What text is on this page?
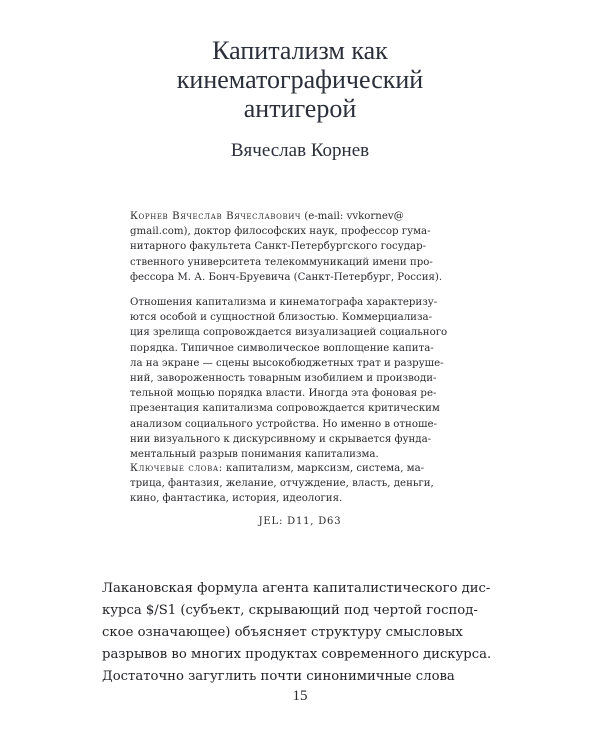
Капитализм как
кинематографический
антигерой
Вячеслав Корнев
Корнев Вячеслав Вячеславович (e-mail: vvkornev@
gmail.com), доктор философских наук, профессор гума-
нитарного факультета Санкт-Петербургского государ-
ственного университета телекоммуникаций имени про-
фессора М. А. Бонч-Бруевича (Санкт-Петербург, Россия).
Отношения капитализма и кинематографа характеризу-
ются особой и сущностной близостью. Коммерциализа-
ция зрелища сопровождается визуализацией социального
порядка. Типичное символическое воплощение капита-
ла на экране — сцены высокобюджетных трат и разруше-
ний, завороженность товарным изобилием и производи-
тельной мощью порядка власти. Иногда эта фоновая ре-
презентация капитализма сопровождается критическим
анализом социального устройства. Но именно в отноше-
нии визуального к дискурсивному и скрывается фунда-
ментальный разрыв понимания капитализма.
Ключевые слова: капитализм, марксизм, система, ма-
трица, фантазия, желание, отчуждение, власть, деньги,
кино, фантастика, история, идеология.
JEL: D11, D63
Лакановская формула агента капиталистического дис-
курса $/S1 (субъект, скрывающий под чертой господ-
ское означающее) объясняет структуру смысловых
разрывов во многих продуктах современного дискурса.
Достаточно загуглить почти синонимичные слова
15
